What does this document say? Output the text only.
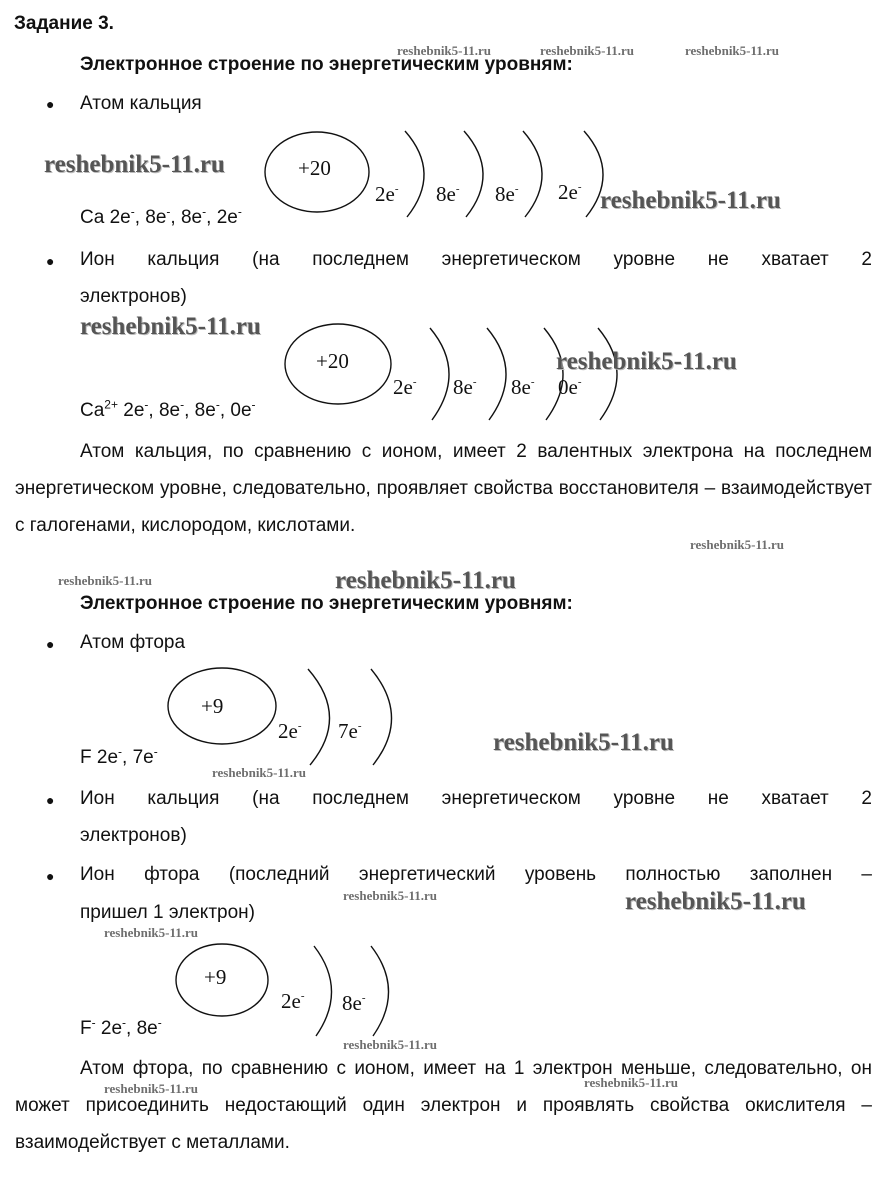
Задание 3.
Электронное строение по энергетическим уровням:
● Атом кальция
+20
2e- 8e- 8e- 2e-
Ca 2e-, 8e-, 8e-, 2e-
● Ион кальция (на последнем энергетическом уровне не хватает 2
электронов)
+20
2e- 8e- 8e- 0e-
$Ca^{2+}$ 2e-, 8e-, 8e-, 0e-
Атом кальция, по сравнению с ионом, имеет 2 валентных электрона на последнем энергетическом уровне, следовательно, проявляет свойства восстановителя – взаимодействует с галогенами, кислородом, кислотами.
Электронное строение по энергетическим уровням:
● Атом фтора
+9
2e- 7e-
F 2e-, 7e-
● Ион кальция (на последнем энергетическом уровне не хватает 2
электронов)
● Ион фтора (последний энергетический уровень полностью заполнен –
пришел 1 электрон)
+9
2e- 8e-
F- 2e-, 8e-
Атом фтора, по сравнению с ионом, имеет на 1 электрон меньше, следовательно, он может присоединить недостающий один электрон и проявлять свойства окислителя – взаимодействует с металлами.
reshebnik5-11.ru	reshebnik5-11.ru	reshebnik5-11.ru
reshebnik5-11.ru
reshebnik5-11.ru
reshebnik5-11.ru
reshebnik5-11.ru
reshebnik5-11.ru
reshebnik5-11.ru	reshebnik5-11.ru
reshebnik5-11.ru
reshebnik5-11.ru
reshebnik5-11.ru	reshebnik5-11.ru
reshebnik5-11.ru
reshebnik5-11.ru
reshebnik5-11.ru	reshebnik5-11.ru
